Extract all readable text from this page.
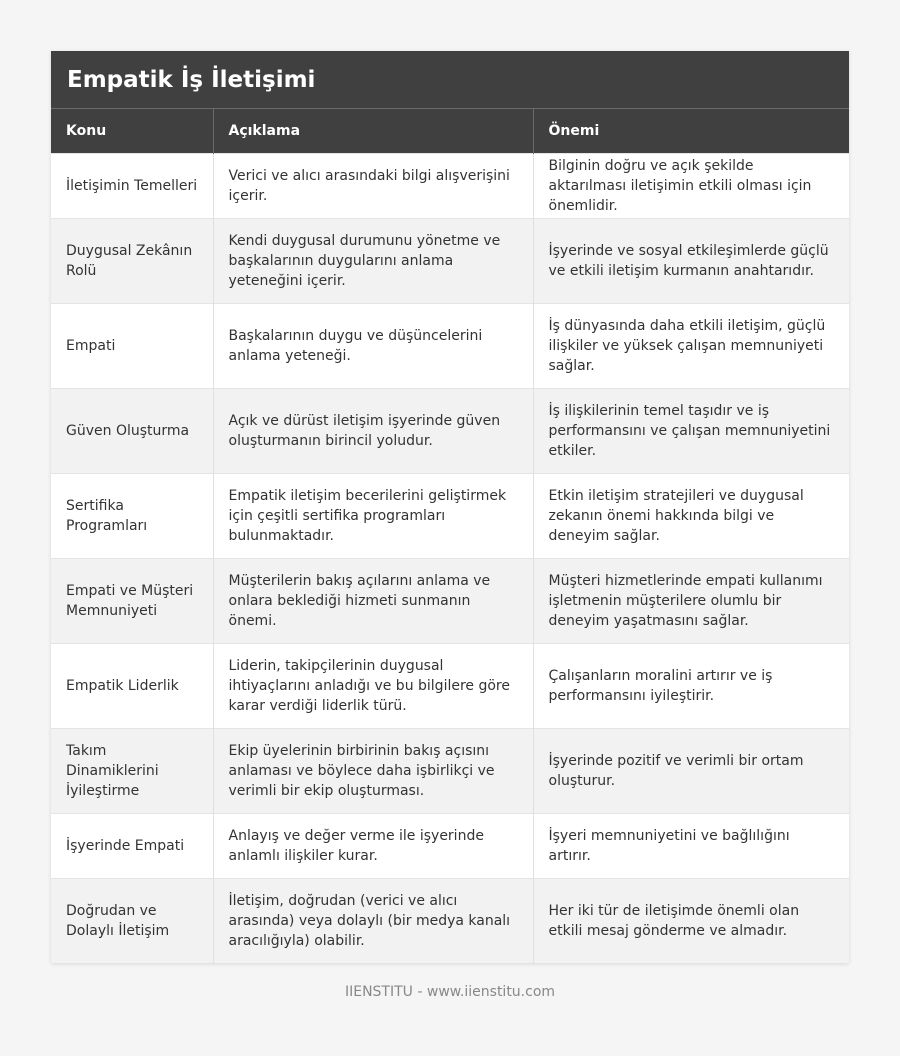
Empatik İş İletişimi
Konu	Açıklama	Önemi
İletişimin Temelleri	Verici ve alıcı arasındaki bilgi alışverişini içerir.	Bilginin doğru ve açık şekilde aktarılması iletişimin etkili olması için önemlidir.
Duygusal Zekânın Rolü	Kendi duygusal durumunu yönetme ve başkalarının duygularını anlama yeteneğini içerir.	İşyerinde ve sosyal etkileşimlerde güçlü ve etkili iletişim kurmanın anahtarıdır.
Empati	Başkalarının duygu ve düşüncelerini anlama yeteneği.	İş dünyasında daha etkili iletişim, güçlü ilişkiler ve yüksek çalışan memnuniyeti sağlar.
Güven Oluşturma	Açık ve dürüst iletişim işyerinde güven oluşturmanın birincil yoludur.	İş ilişkilerinin temel taşıdır ve iş performansını ve çalışan memnuniyetini etkiler.
Sertifika Programları	Empatik iletişim becerilerini geliştirmek için çeşitli sertifika programları bulunmaktadır.	Etkin iletişim stratejileri ve duygusal zekanın önemi hakkında bilgi ve deneyim sağlar.
Empati ve Müşteri Memnuniyeti	Müşterilerin bakış açılarını anlama ve onlara beklediği hizmeti sunmanın önemi.	Müşteri hizmetlerinde empati kullanımı işletmenin müşterilere olumlu bir deneyim yaşatmasını sağlar.
Empatik Liderlik	Liderin, takipçilerinin duygusal ihtiyaçlarını anladığı ve bu bilgilere göre karar verdiği liderlik türü.	Çalışanların moralini artırır ve iş performansını iyileştirir.
Takım Dinamiklerini İyileştirme	Ekip üyelerinin birbirinin bakış açısını anlaması ve böylece daha işbirlikçi ve verimli bir ekip oluşturması.	İşyerinde pozitif ve verimli bir ortam oluşturur.
İşyerinde Empati	Anlayış ve değer verme ile işyerinde anlamlı ilişkiler kurar.	İşyeri memnuniyetini ve bağlılığını artırır.
Doğrudan ve Dolaylı İletişim	İletişim, doğrudan (verici ve alıcı arasında) veya dolaylı (bir medya kanalı aracılığıyla) olabilir.	Her iki tür de iletişimde önemli olan etkili mesaj gönderme ve almadır.
IIENSTITU - www.iienstitu.com
